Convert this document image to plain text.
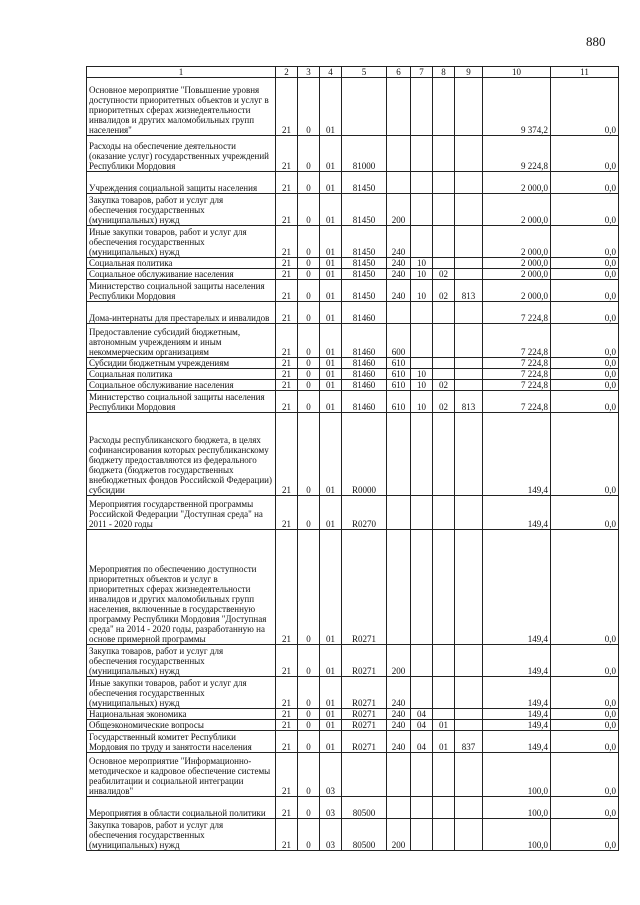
880
1	2	3	4	5	6	7	8	9	10	11

Основное мероприятие "Повышение уровня доступности приоритетных объектов и услуг в приоритетных сферах жизнедеятельности инвалидов и других маломобильных групп населения"	21	0	01						9 374,2	0,0

Расходы на обеспечение деятельности (оказание услуг) государственных учреждений Республики Мордовия	21	0	01	81000					9 224,8	0,0

Учреждения социальной защиты населения	21	0	01	81450					2 000,0	0,0

Закупка товаров, работ и услуг для обеспечения государственных (муниципальных) нужд	21	0	01	81450	200				2 000,0	0,0

Иные закупки товаров, работ и услуг для обеспечения государственных (муниципальных) нужд	21	0	01	81450	240				2 000,0	0,0

Социальная политика	21	0	01	81450	240	10			2 000,0	0,0

Социальное обслуживание населения	21	0	01	81450	240	10	02		2 000,0	0,0

Министерство социальной защиты населения Республики Мордовия	21	0	01	81450	240	10	02	813	2 000,0	0,0

Дома-интернаты для престарелых и инвалидов	21	0	01	81460					7 224,8	0,0

Предоставление субсидий бюджетным, автономным учреждениям и иным некоммерческим организациям	21	0	01	81460	600				7 224,8	0,0

Субсидии бюджетным учреждениям	21	0	01	81460	610				7 224,8	0,0

Социальная политика	21	0	01	81460	610	10			7 224,8	0,0

Социальное обслуживание населения	21	0	01	81460	610	10	02		7 224,8	0,0

Министерство социальной защиты населения Республики Мордовия	21	0	01	81460	610	10	02	813	7 224,8	0,0

Расходы республиканского бюджета, в целях софинансирования которых республиканскому бюджету предоставляются из федерального бюджета (бюджетов государственных внебюджетных фондов Российской Федерации) субсидии	21	0	01	R0000					149,4	0,0

Мероприятия государственной программы Российской Федерации "Доступная среда" на 2011 - 2020 годы	21	0	01	R0270					149,4	0,0

Мероприятия по обеспечению доступности приоритетных объектов и услуг в приоритетных сферах жизнедеятельности инвалидов и других маломобильных групп населения, включенные в государственную программу Республики Мордовия "Доступная среда" на 2014 - 2020 годы, разработанную на основе примерной программы	21	0	01	R0271					149,4	0,0

Закупка товаров, работ и услуг для обеспечения государственных (муниципальных) нужд	21	0	01	R0271	200				149,4	0,0

Иные закупки товаров, работ и услуг для обеспечения государственных (муниципальных) нужд	21	0	01	R0271	240				149,4	0,0

Национальная экономика	21	0	01	R0271	240	04			149,4	0,0

Общеэкономические вопросы	21	0	01	R0271	240	04	01		149,4	0,0

Государственный комитет Республики Мордовия по труду и занятости населения	21	0	01	R0271	240	04	01	837	149,4	0,0

Основное мероприятие "Информационно-методическое и кадровое обеспечение системы реабилитации и социальной интеграции инвалидов"	21	0	03						100,0	0,0

Мероприятия в области социальной политики	21	0	03	80500					100,0	0,0

Закупка товаров, работ и услуг для обеспечения государственных (муниципальных) нужд	21	0	03	80500	200				100,0	0,0
